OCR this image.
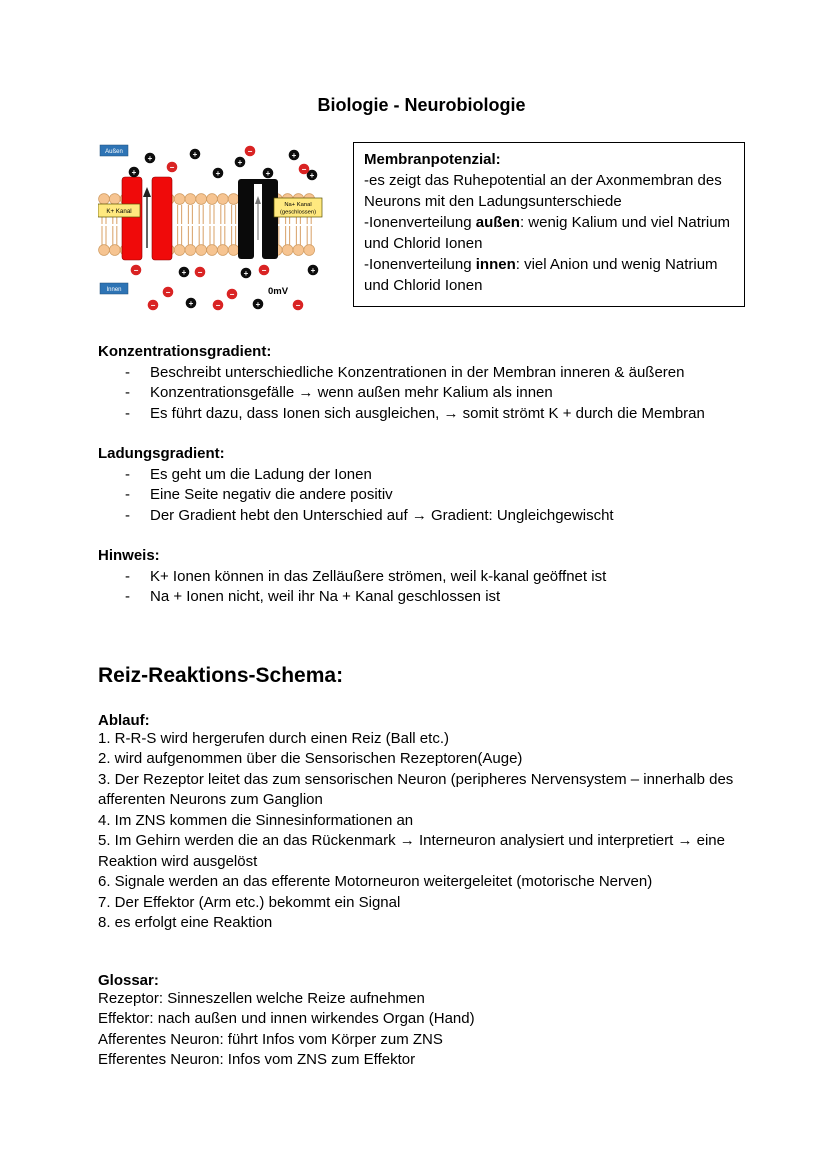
Biologie - Neurobiologie
+	+
+
+
+	+	+	+
−
−
−
−
−
−
−
−
−	−	−
+	+	+
+	+
Außen
Innen
K+ Kanal
Na+ Kanal
(geschlossen)
0mV
Membranpotenzial:
-es zeigt das Ruhepotential an der Axonmembran des Neurons mit den Ladungsunterschiede
-Ionenverteilung außen: wenig Kalium und viel Natrium und Chlorid Ionen
-Ionenverteilung innen: viel Anion und wenig Natrium und Chlorid Ionen
Konzentrationsgradient:
-	Beschreibt unterschiedliche Konzentrationen in der Membran inneren & äußeren
-	Konzentrationsgefälle → wenn außen mehr Kalium als innen
-	Es führt dazu, dass Ionen sich ausgleichen, → somit strömt K + durch die Membran
Ladungsgradient:
-	Es geht um die Ladung der Ionen
-	Eine Seite negativ die andere positiv
-	Der Gradient hebt den Unterschied auf → Gradient: Ungleichgewischt
Hinweis:
-	K+ Ionen können in das Zelläußere strömen, weil k-kanal geöffnet ist
-	Na + Ionen nicht, weil ihr Na + Kanal geschlossen ist
Reiz-Reaktions-Schema:
Ablauf:

1. R-R-S wird hergerufen durch einen Reiz (Ball etc.)

2. wird aufgenommen über die Sensorischen Rezeptoren(Auge)

3. Der Rezeptor leitet das zum sensorischen Neuron (peripheres Nervensystem – innerhalb des afferenten Neurons zum Ganglion

4. Im ZNS kommen die Sinnesinformationen an

5. Im Gehirn werden die an das Rückenmark → Interneuron analysiert und interpretiert → eine Reaktion wird ausgelöst

6. Signale werden an das efferente Motorneuron weitergeleitet (motorische Nerven)

7. Der Effektor (Arm etc.) bekommt ein Signal

8. es erfolgt eine Reaktion

Glossar:

Rezeptor: Sinneszellen welche Reize aufnehmen

Effektor: nach außen und innen wirkendes Organ (Hand)

Afferentes Neuron: führt Infos vom Körper zum ZNS

Efferentes Neuron: Infos vom ZNS zum Effektor
